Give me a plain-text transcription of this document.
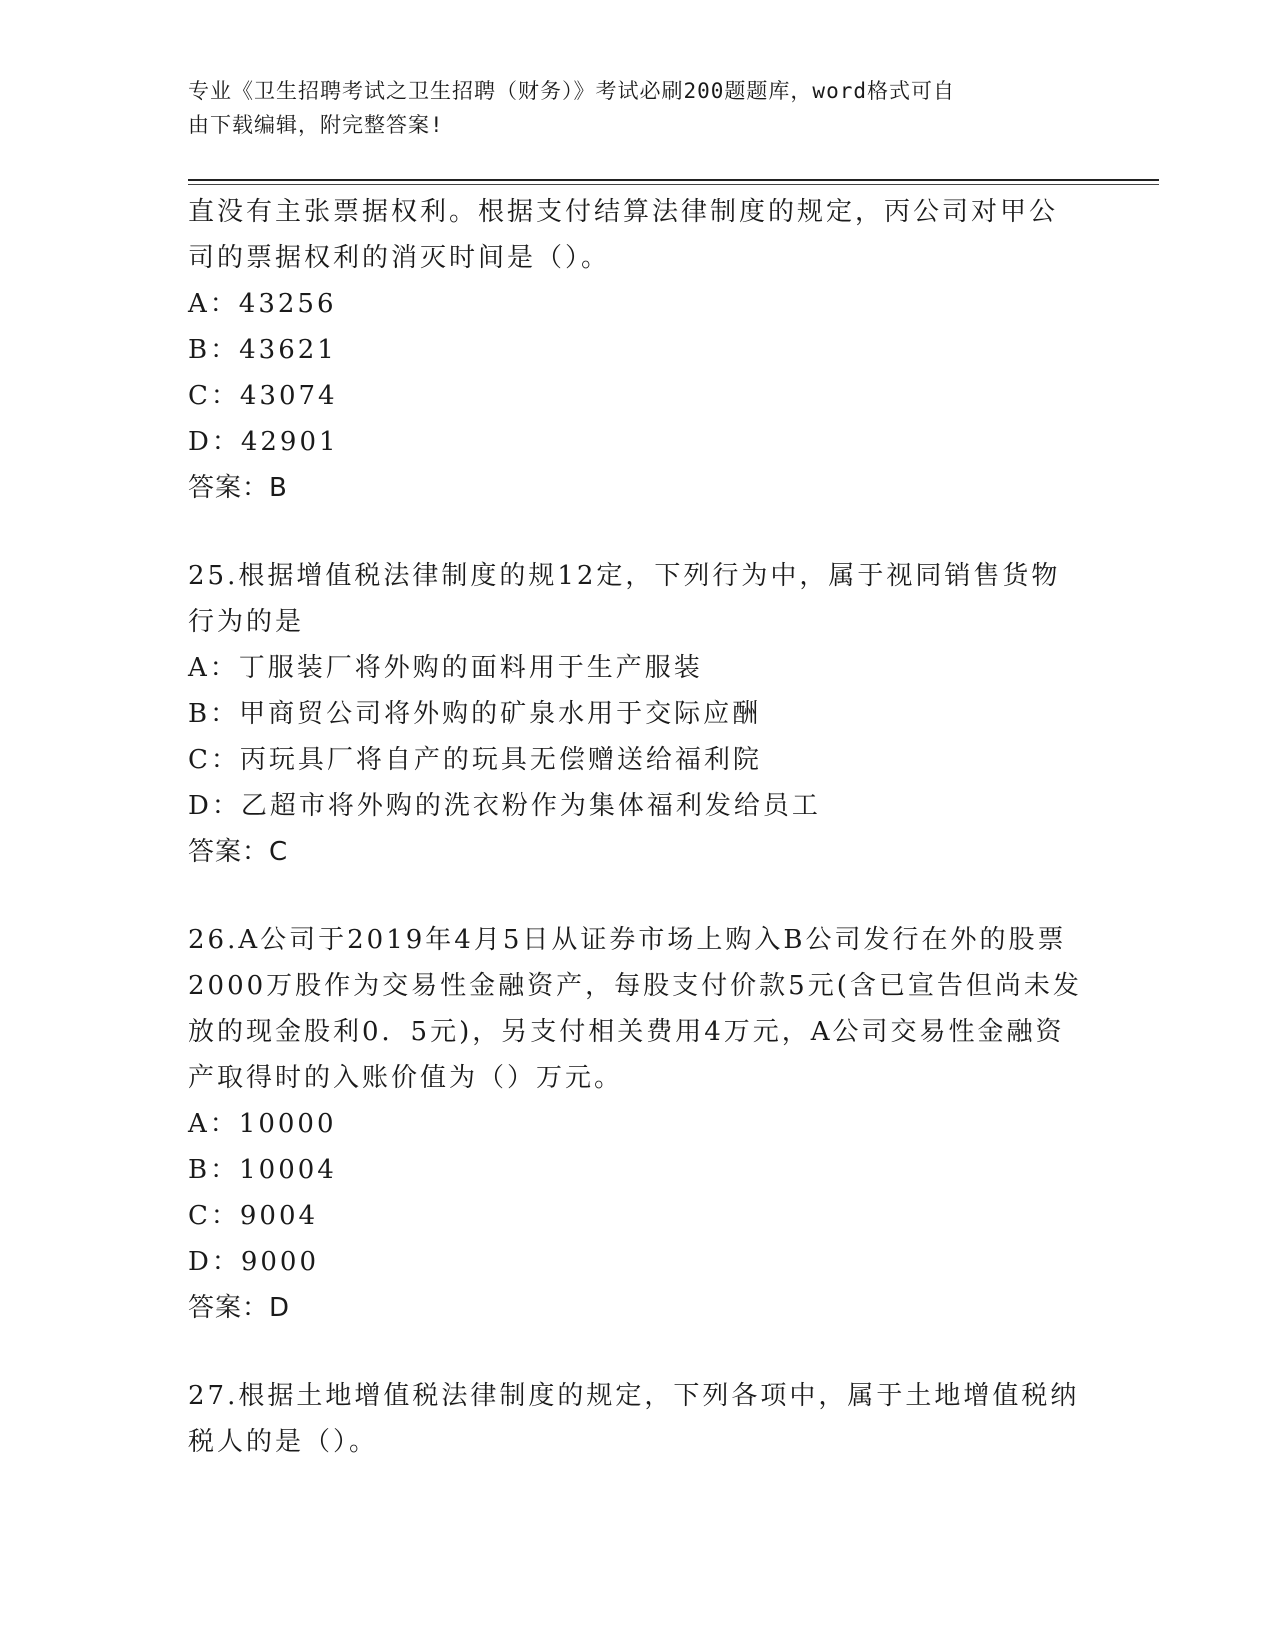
专业《卫生招聘考试之卫生招聘（财务）》考试必刷200题题库，word格式可自
由下载编辑，附完整答案!
直没有主张票据权利。根据支付结算法律制度的规定，丙公司对甲公
司的票据权利的消灭时间是（）。
A：43256
B：43621
C：43074
D：42901
答案：B
25.根据增值税法律制度的规12定，下列行为中，属于视同销售货物
行为的是
A：丁服装厂将外购的面料用于生产服装
B：甲商贸公司将外购的矿泉水用于交际应酬
C：丙玩具厂将自产的玩具无偿赠送给福利院
D：乙超市将外购的洗衣粉作为集体福利发给员工
答案：C
26.A公司于2019年4月5日从证券市场上购入B公司发行在外的股票
2000万股作为交易性金融资产，每股支付价款5元(含已宣告但尚未发
放的现金股利0．5元)，另支付相关费用4万元，A公司交易性金融资
产取得时的入账价值为（）万元。
A：10000
B：10004
C：9004
D：9000
答案：D
27.根据土地增值税法律制度的规定，下列各项中，属于土地增值税纳
税人的是（）。
